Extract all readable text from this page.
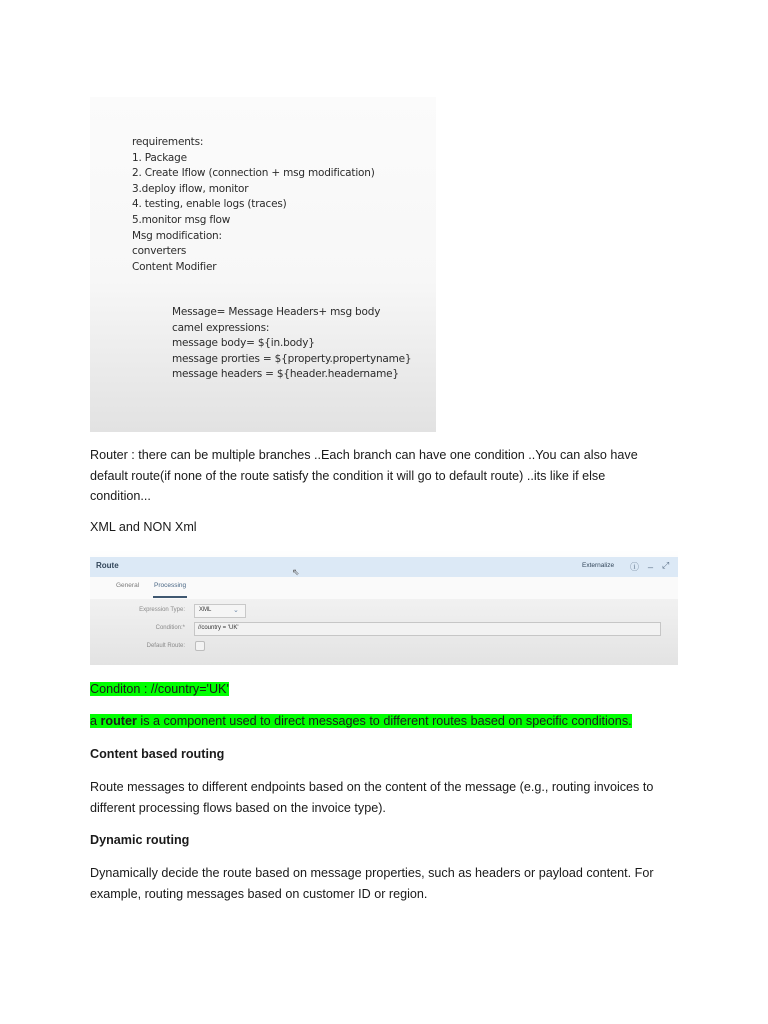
requirements:
1. Package
2. Create Iflow (connection + msg modification)
3.deploy iflow, monitor
4. testing, enable logs (traces)
5.monitor msg flow
Msg modification:
converters
Content Modifier
Message= Message Headers+ msg body
camel expressions:
message body= ${in.body}
message prorties = ${property.propertyname}
message headers = ${header.headername}
Router : there can be multiple branches ..Each branch can have one condition ..You can also have
default route(if none of the route satisfy the condition it will go to default route) ..its like if else
condition...
XML and NON Xml
Route
⇖
Externalize ⓘ _ ⤢
General Processing
Expression Type: XML	⌄
Condition:* //country = 'UK'
Default Route:
Conditon : //country='UK'
a router is a component used to direct messages to different routes based on specific conditions.
Content based routing
Route messages to different endpoints based on the content of the message (e.g., routing invoices to
different processing flows based on the invoice type).
Dynamic routing
Dynamically decide the route based on message properties, such as headers or payload content. For
example, routing messages based on customer ID or region.
